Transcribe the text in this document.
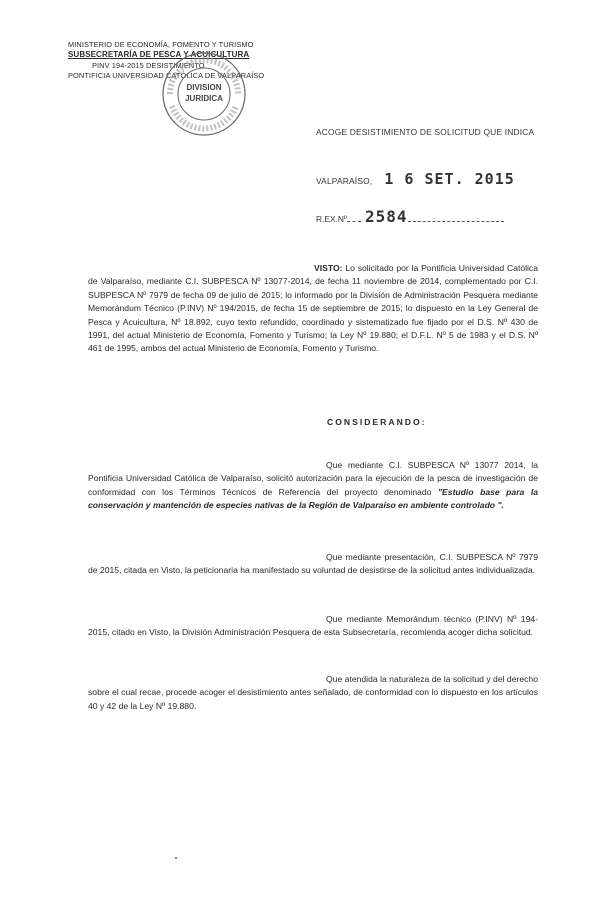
MINISTERIO DE ECONOMÍA, FOMENTO Y TURISMO
SUBSECRETARÍA DE PESCA Y ACUICULTURA
PINV 194-2015 DESISTIMIENTO
PONTIFICIA UNIVERSIDAD CATÓLICA DE VALPARAÍSO
DIVISION
JURIDICA
ACOGE DESISTIMIENTO DE SOLICITUD QUE INDICA
VALPARAÍSO, 1 6 SET. 2015
R.EX.Nº 2584
VISTO: Lo solicitado por la Pontificia Universidad Católica de Valparaíso, mediante C.I. SUBPESCA Nº 13077-2014, de fecha 11 noviembre de 2014, complementado por C.I. SUBPESCA Nº 7979 de fecha 09 de julio de 2015; lo informado por la División de Administración Pesquera mediante Memorándum Técnico (P.INV) Nº 194/2015, de fecha 15 de septiembre de 2015; lo dispuesto en la Ley General de Pesca y Acuicultura, Nº 18.892, cuyo texto refundido, coordinado y sistematizado fue fijado por el D.S. Nº 430 de 1991, del actual Ministerio de Economía, Fomento y Turismo; la Ley Nº 19.880; el D.F.L. Nº 5 de 1983 y el D.S. Nº 461 de 1995, ambos del actual Ministerio de Economía, Fomento y Turismo.
CONSIDERANDO:
Que mediante C.I. SUBPESCA Nº 13077 2014, la Pontificia Universidad Católica de Valparaíso, solicitó autorización para la ejecución de la pesca de investigación de conformidad con los Términos Técnicos de Referencia del proyecto denominado "Estudio base para la conservación y mantención de especies nativas de la Región de Valparaíso en ambiente controlado ".
Que mediante presentación, C.I. SUBPESCA Nº 7979 de 2015, citada en Visto, la peticionaria ha manifestado su voluntad de desistirse de la solicitud antes individualizada.
Que mediante Memorándum técnico (P.INV) Nº 194-2015, citado en Visto, la División Administración Pesquera de esta Subsecretaría, recomienda acoger dicha solicitud.
Que atendida la naturaleza de la solicitud y del derecho sobre el cual recae, procede acoger el desistimiento antes señalado, de conformidad con lo dispuesto en los artículos 40 y 42 de la Ley Nº 19.880.
